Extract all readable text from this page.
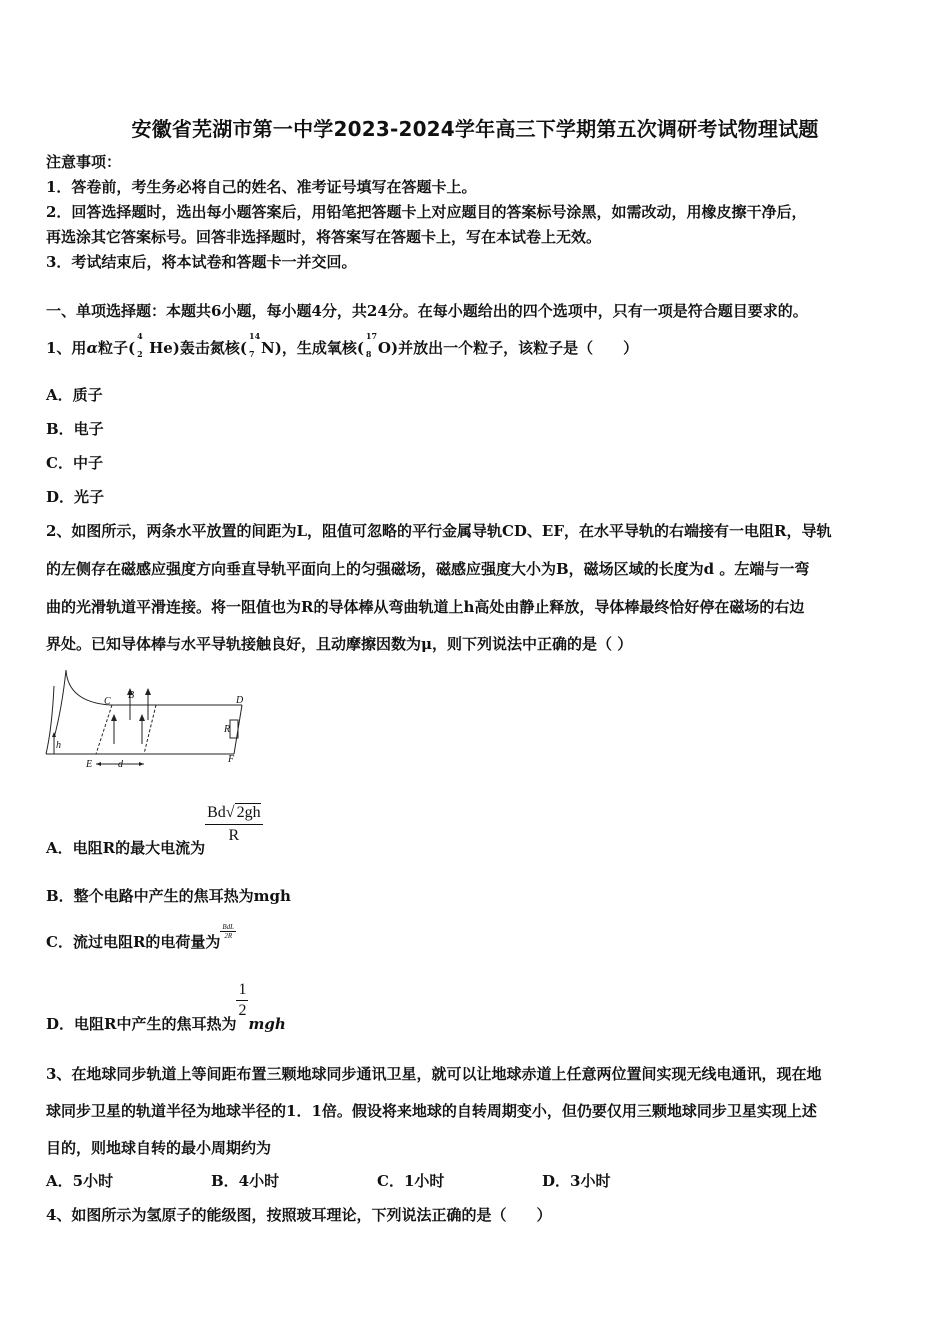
安徽省芜湖市第一中学2023-2024学年高三下学期第五次调研考试物理试题
注意事项：
1．答卷前，考生务必将自己的姓名、准考证号填写在答题卡上。
2．回答选择题时，选出每小题答案后，用铅笔把答题卡上对应题目的答案标号涂黑，如需改动，用橡皮擦干净后，
再选涂其它答案标号。回答非选择题时，将答案写在答题卡上，写在本试卷上无效。
3．考试结束后，将本试卷和答题卡一并交回。
一、单项选择题：本题共6小题，每小题4分，共24分。在每小题给出的四个选项中，只有一项是符合题目要求的。
1、用α粒子(
4
2 He)轰击氮核(
14
7 N)，生成氧核(
17
8 O)并放出一个粒子，该粒子是（　　）
A．质子
B．电子
C．中子
D．光子
2、如图所示，两条水平放置的间距为L，阻值可忽略的平行金属导轨CD、EF，在水平导轨的右端接有一电阻R，导轨
的左侧存在磁感应强度方向垂直导轨平面向上的匀强磁场，磁感应强度大小为B，磁场区域的长度为d 。左端与一弯
曲的光滑轨道平滑连接。将一阻值也为R的导体棒从弯曲轨道上h高处由静止释放，导体棒最终恰好停在磁场的右边
界处。已知导体棒与水平导轨接触良好，且动摩擦因数为μ，则下列说法中正确的是（ ）
C
B	D
R
h
E	d	F
A．电阻R的最大电流为
$\frac{Bd√ 2gh}{R}$
B．整个电路中产生的焦耳热为mgh
C．流过电阻R的电荷量为
$\frac{\text{BdL}}{2R}$
D．电阻R中产生的焦耳热为
$\frac{1}{2}$
mgh
3、在地球同步轨道上等间距布置三颗地球同步通讯卫星，就可以让地球赤道上任意两位置间实现无线电通讯，现在地
球同步卫星的轨道半径为地球半径的1．1倍。假设将来地球的自转周期变小，但仍要仅用三颗地球同步卫星实现上述
目的，则地球自转的最小周期约为
A．5小时	B．4小时	C．1小时	D．3小时
4、如图所示为氢原子的能级图，按照玻耳理论，下列说法正确的是（　　）
